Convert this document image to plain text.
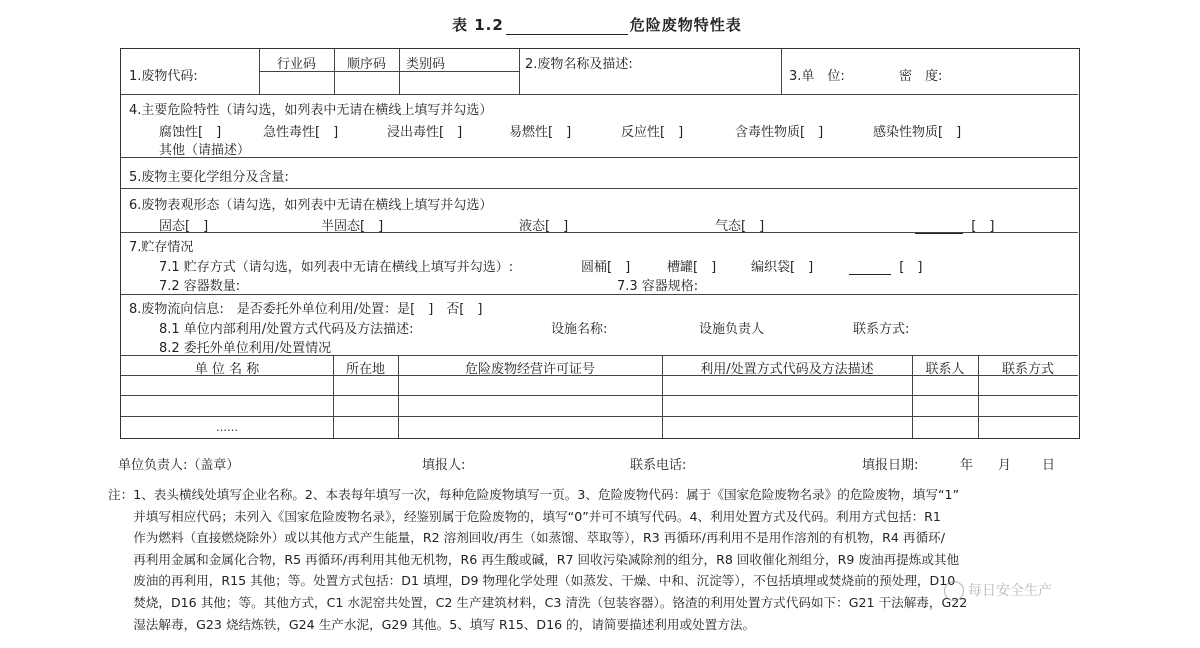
表 1.2	危险废物特性表
1.废物代码:
行业码	顺序码	类别码	2.废物名称及描述:
3.单　位:	密　度:
4.主要危险特性（请勾选，如列表中无请在横线上填写并勾选）
腐蚀性[　]	急性毒性[　]	浸出毒性[　]	易燃性[　]	反应性[　]	含毒性物质[　]	感染性物质[　]
其他（请描述）
5.废物主要化学组分及含量:
6.废物表观形态（请勾选，如列表中无请在横线上填写并勾选）
固态[　]	半固态[　]	液态[　]	气态[　]	[　]
7.贮存情况
7.1 贮存方式（请勾选，如列表中无请在横线上填写并勾选）:	圆桶[　]	槽罐[　]	编织袋[　]	[　]
7.2 容器数量:	7.3 容器规格:
8.废物流向信息:　是否委托外单位利用/处置：是[　]　否[　]
8.1 单位内部利用/处置方式代码及方法描述:	设施名称:	设施负责人	联系方式:
8.2 委托外单位利用/处置情况
单 位 名 称	所在地	危险废物经营许可证号	利用/处置方式代码及方法描述	联系人	联系方式
……
单位负责人:（盖章）	填报人:	联系电话:	填报日期:	年 月 日
注：1、表头横线处填写企业名称。2、本表每年填写一次，每种危险废物填写一页。3、危险废物代码：属于《国家危险废物名录》的危险废物，填写“1”
　　并填写相应代码；未列入《国家危险废物名录》，经鉴别属于危险废物的，填写“0”并可不填写代码。4、利用处置方式及代码。利用方式包括：R1
　　作为燃料（直接燃烧除外）或以其他方式产生能量，R2 溶剂回收/再生（如蒸馏、萃取等），R3 再循环/再利用不是用作溶剂的有机物，R4 再循环/
　　再利用金属和金属化合物，R5 再循环/再利用其他无机物，R6 再生酸或碱，R7 回收污染减除剂的组分，R8 回收催化剂组分，R9 废油再提炼或其他
　　废油的再利用，R15 其他；等。处置方式包括：D1 填埋，D9 物理化学处理（如蒸发、干燥、中和、沉淀等），不包括填埋或焚烧前的预处理，D10
　　焚烧，D16 其他；等。其他方式，C1 水泥窑共处置，C2 生产建筑材料，C3 清洗（包装容器）。铬渣的利用处置方式代码如下：G21 干法解毒，G22
　　湿法解毒，G23 烧结炼铁，G24 生产水泥，G29 其他。5、填写 R15、D16 的，请简要描述利用或处置方法。
每日安全生产
